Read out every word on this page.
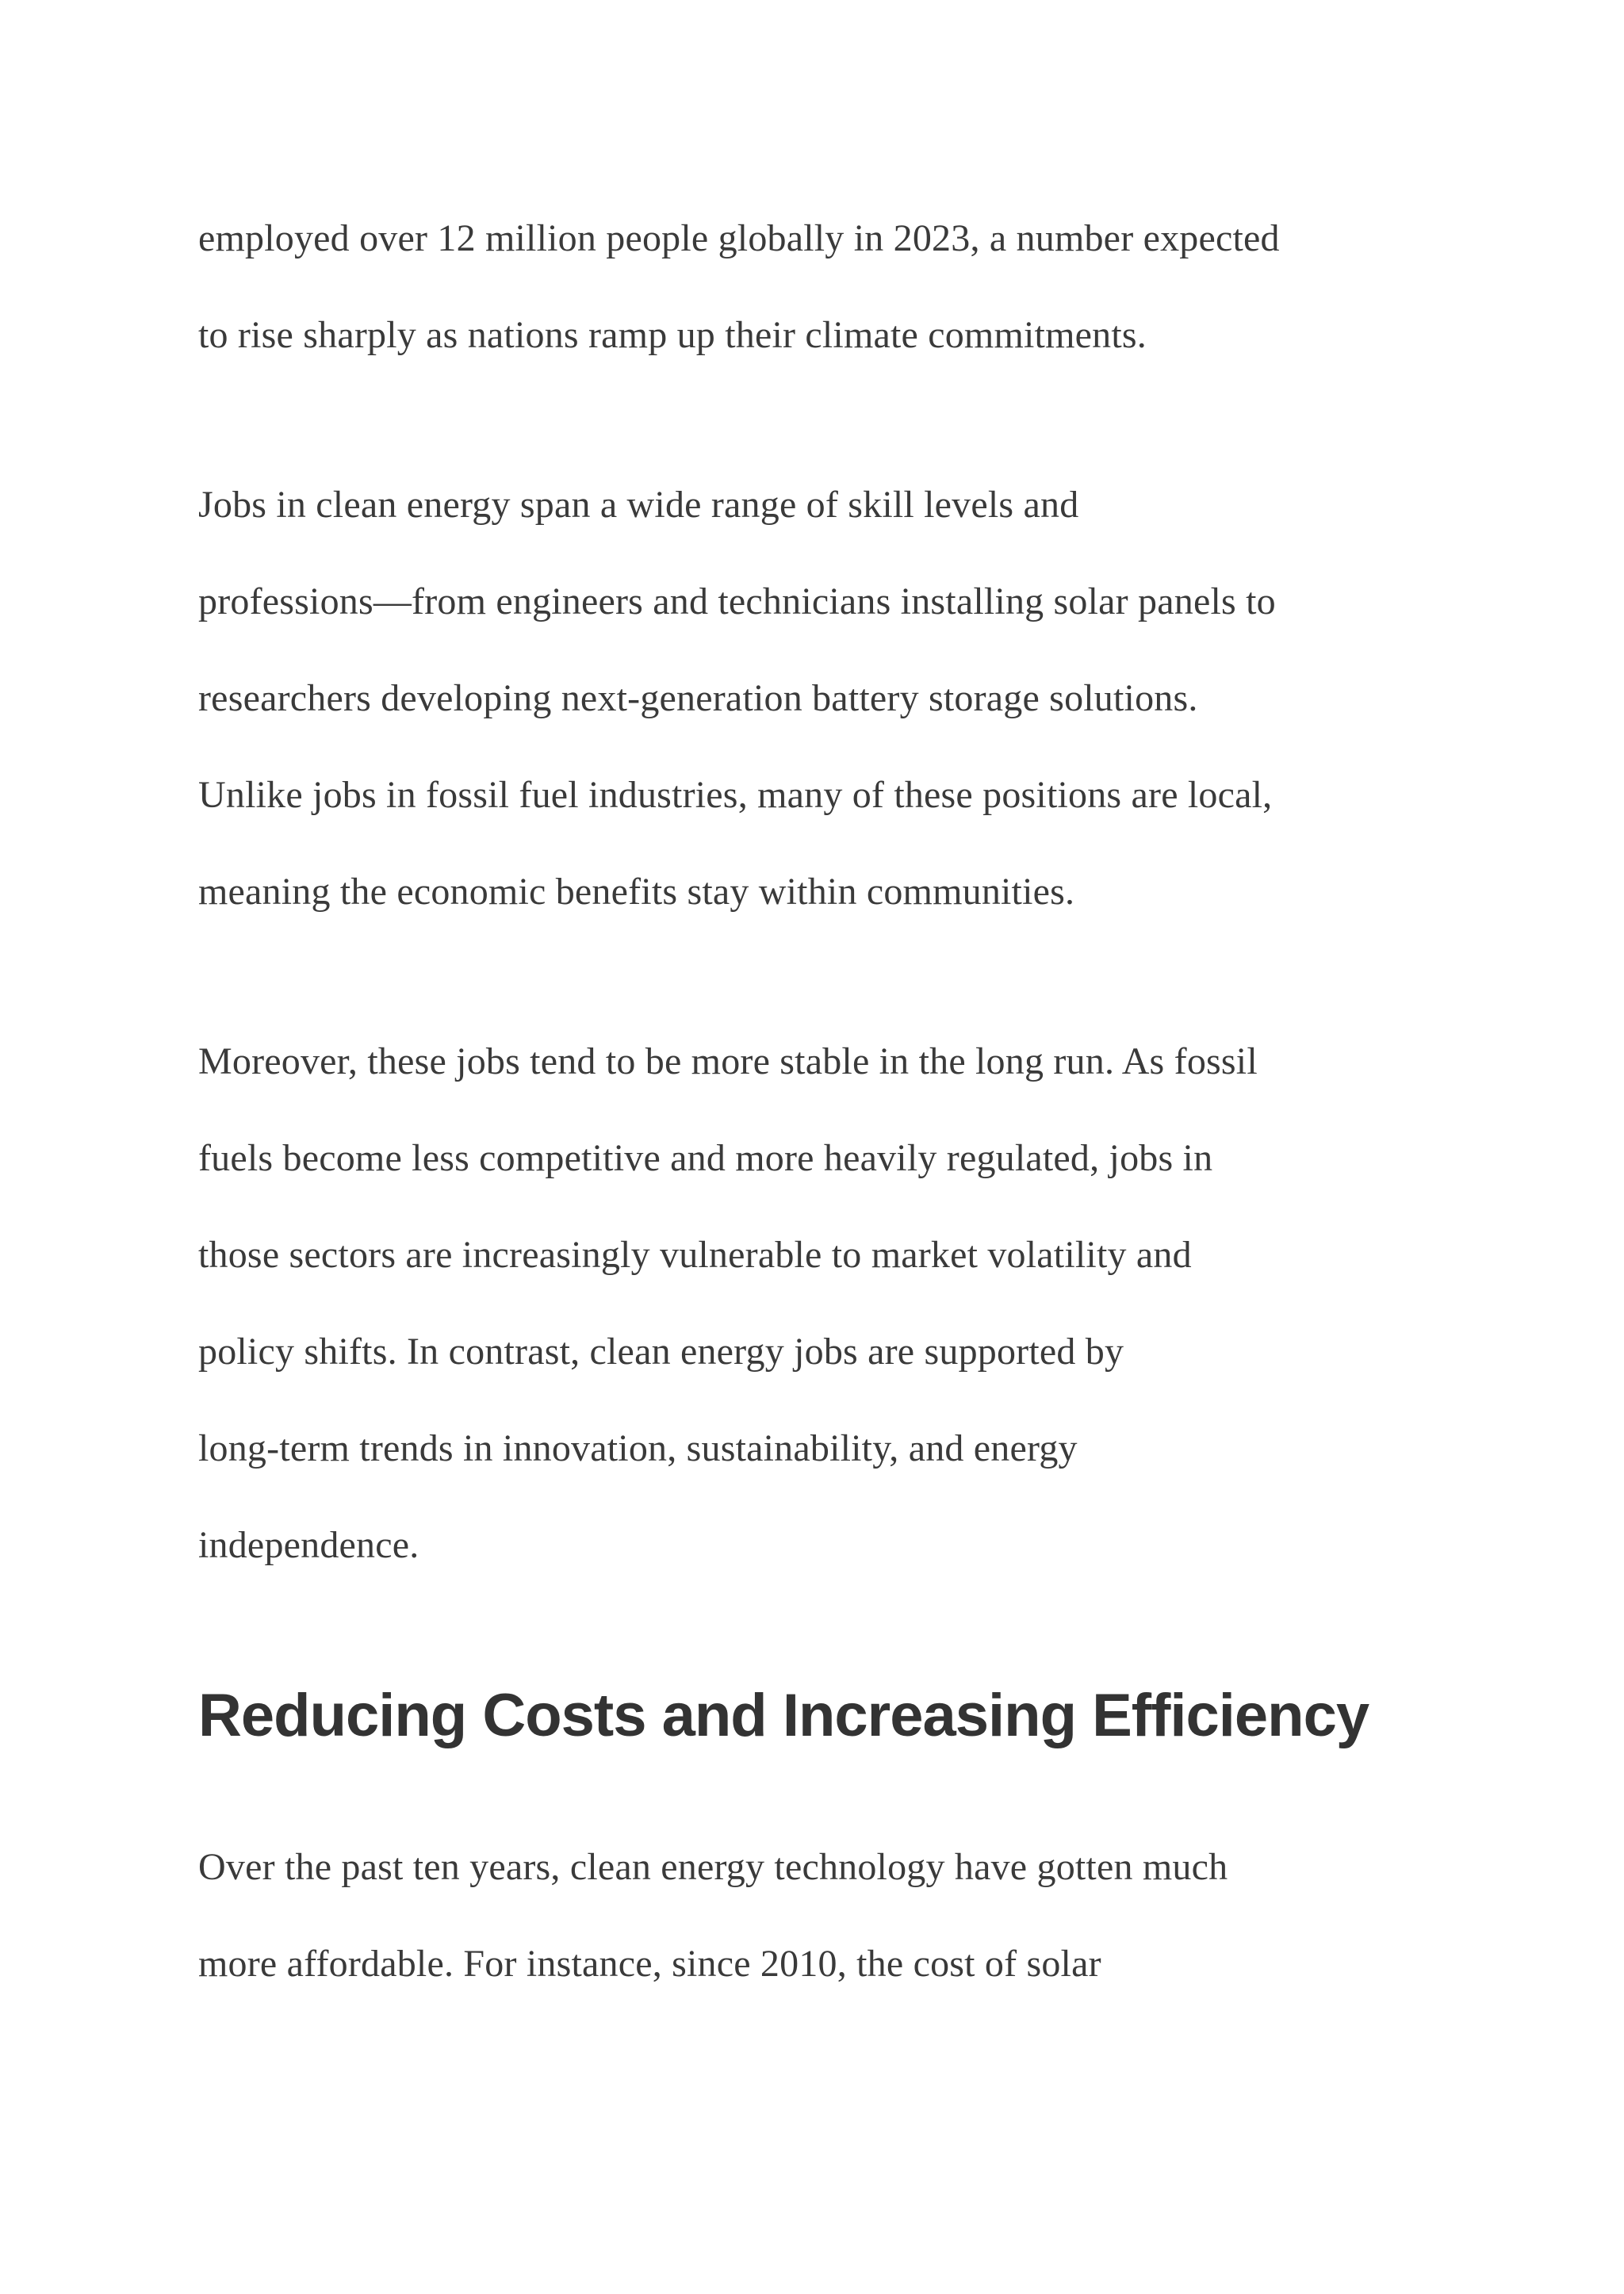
employed over 12 million people globally in 2023, a number expected
to rise sharply as nations ramp up their climate commitments.

Jobs in clean energy span a wide range of skill levels and
professions—from engineers and technicians installing solar panels to
researchers developing next-generation battery storage solutions.
Unlike jobs in fossil fuel industries, many of these positions are local,
meaning the economic benefits stay within communities.

Moreover, these jobs tend to be more stable in the long run. As fossil
fuels become less competitive and more heavily regulated, jobs in
those sectors are increasingly vulnerable to market volatility and
policy shifts. In contrast, clean energy jobs are supported by
long-term trends in innovation, sustainability, and energy
independence.

Reducing Costs and Increasing Efficiency

Over the past ten years, clean energy technology have gotten much
more affordable. For instance, since 2010, the cost of solar
